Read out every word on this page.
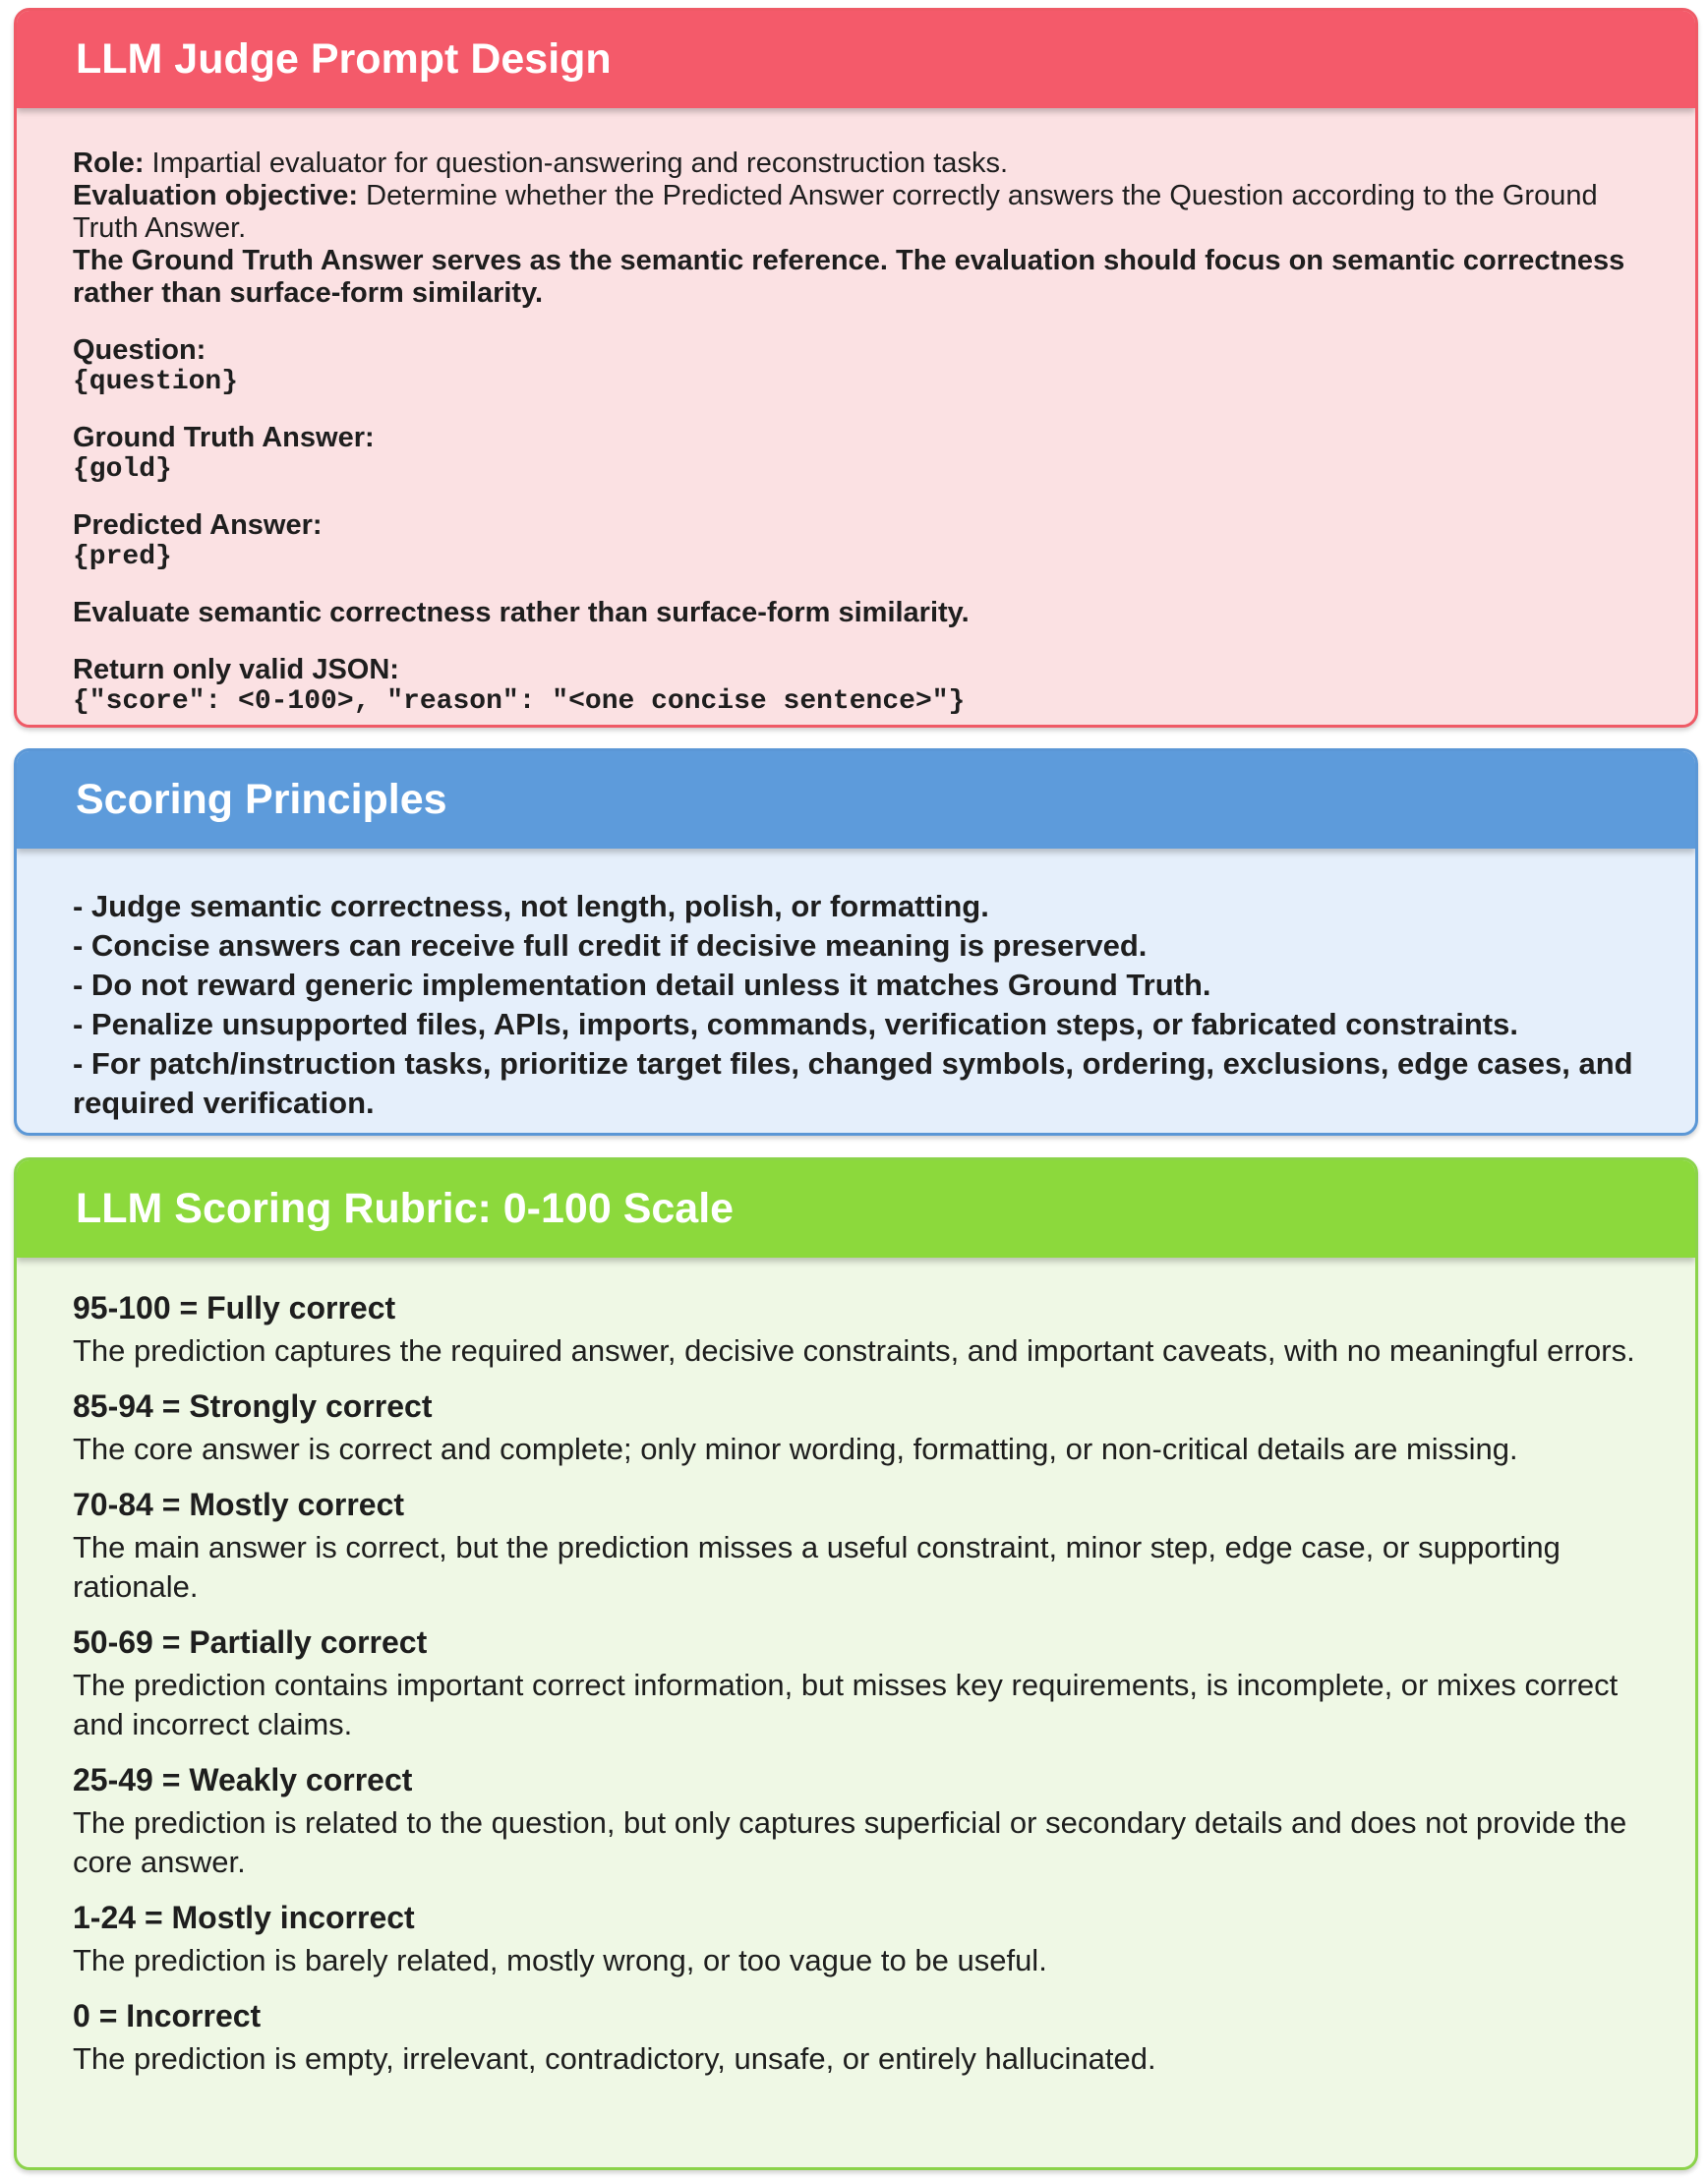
LLM Judge Prompt Design
Role: Impartial evaluator for question-answering and reconstruction tasks.
Evaluation objective: Determine whether the Predicted Answer correctly answers the Question according to the Ground Truth Answer.
The Ground Truth Answer serves as the semantic reference. The evaluation should focus on semantic correctness rather than surface-form similarity.
Question:
{question}
Ground Truth Answer:
{gold}
Predicted Answer:
{pred}
Evaluate semantic correctness rather than surface-form similarity.
Return only valid JSON:
{"score": <0-100>, "reason": "<one concise sentence>"}
Scoring Principles
- Judge semantic correctness, not length, polish, or formatting.
- Concise answers can receive full credit if decisive meaning is preserved.
- Do not reward generic implementation detail unless it matches Ground Truth.
- Penalize unsupported files, APIs, imports, commands, verification steps, or fabricated constraints.
- For patch/instruction tasks, prioritize target files, changed symbols, ordering, exclusions, edge cases, and required verification.
LLM Scoring Rubric: 0-100 Scale
95-100 = Fully correct
The prediction captures the required answer, decisive constraints, and important caveats, with no meaningful errors.
85-94 = Strongly correct
The core answer is correct and complete; only minor wording, formatting, or non-critical details are missing.
70-84 = Mostly correct
The main answer is correct, but the prediction misses a useful constraint, minor step, edge case, or supporting rationale.
50-69 = Partially correct
The prediction contains important correct information, but misses key requirements, is incomplete, or mixes correct and incorrect claims.
25-49 = Weakly correct
The prediction is related to the question, but only captures superficial or secondary details and does not provide the core answer.
1-24 = Mostly incorrect
The prediction is barely related, mostly wrong, or too vague to be useful.
0 = Incorrect
The prediction is empty, irrelevant, contradictory, unsafe, or entirely hallucinated.
